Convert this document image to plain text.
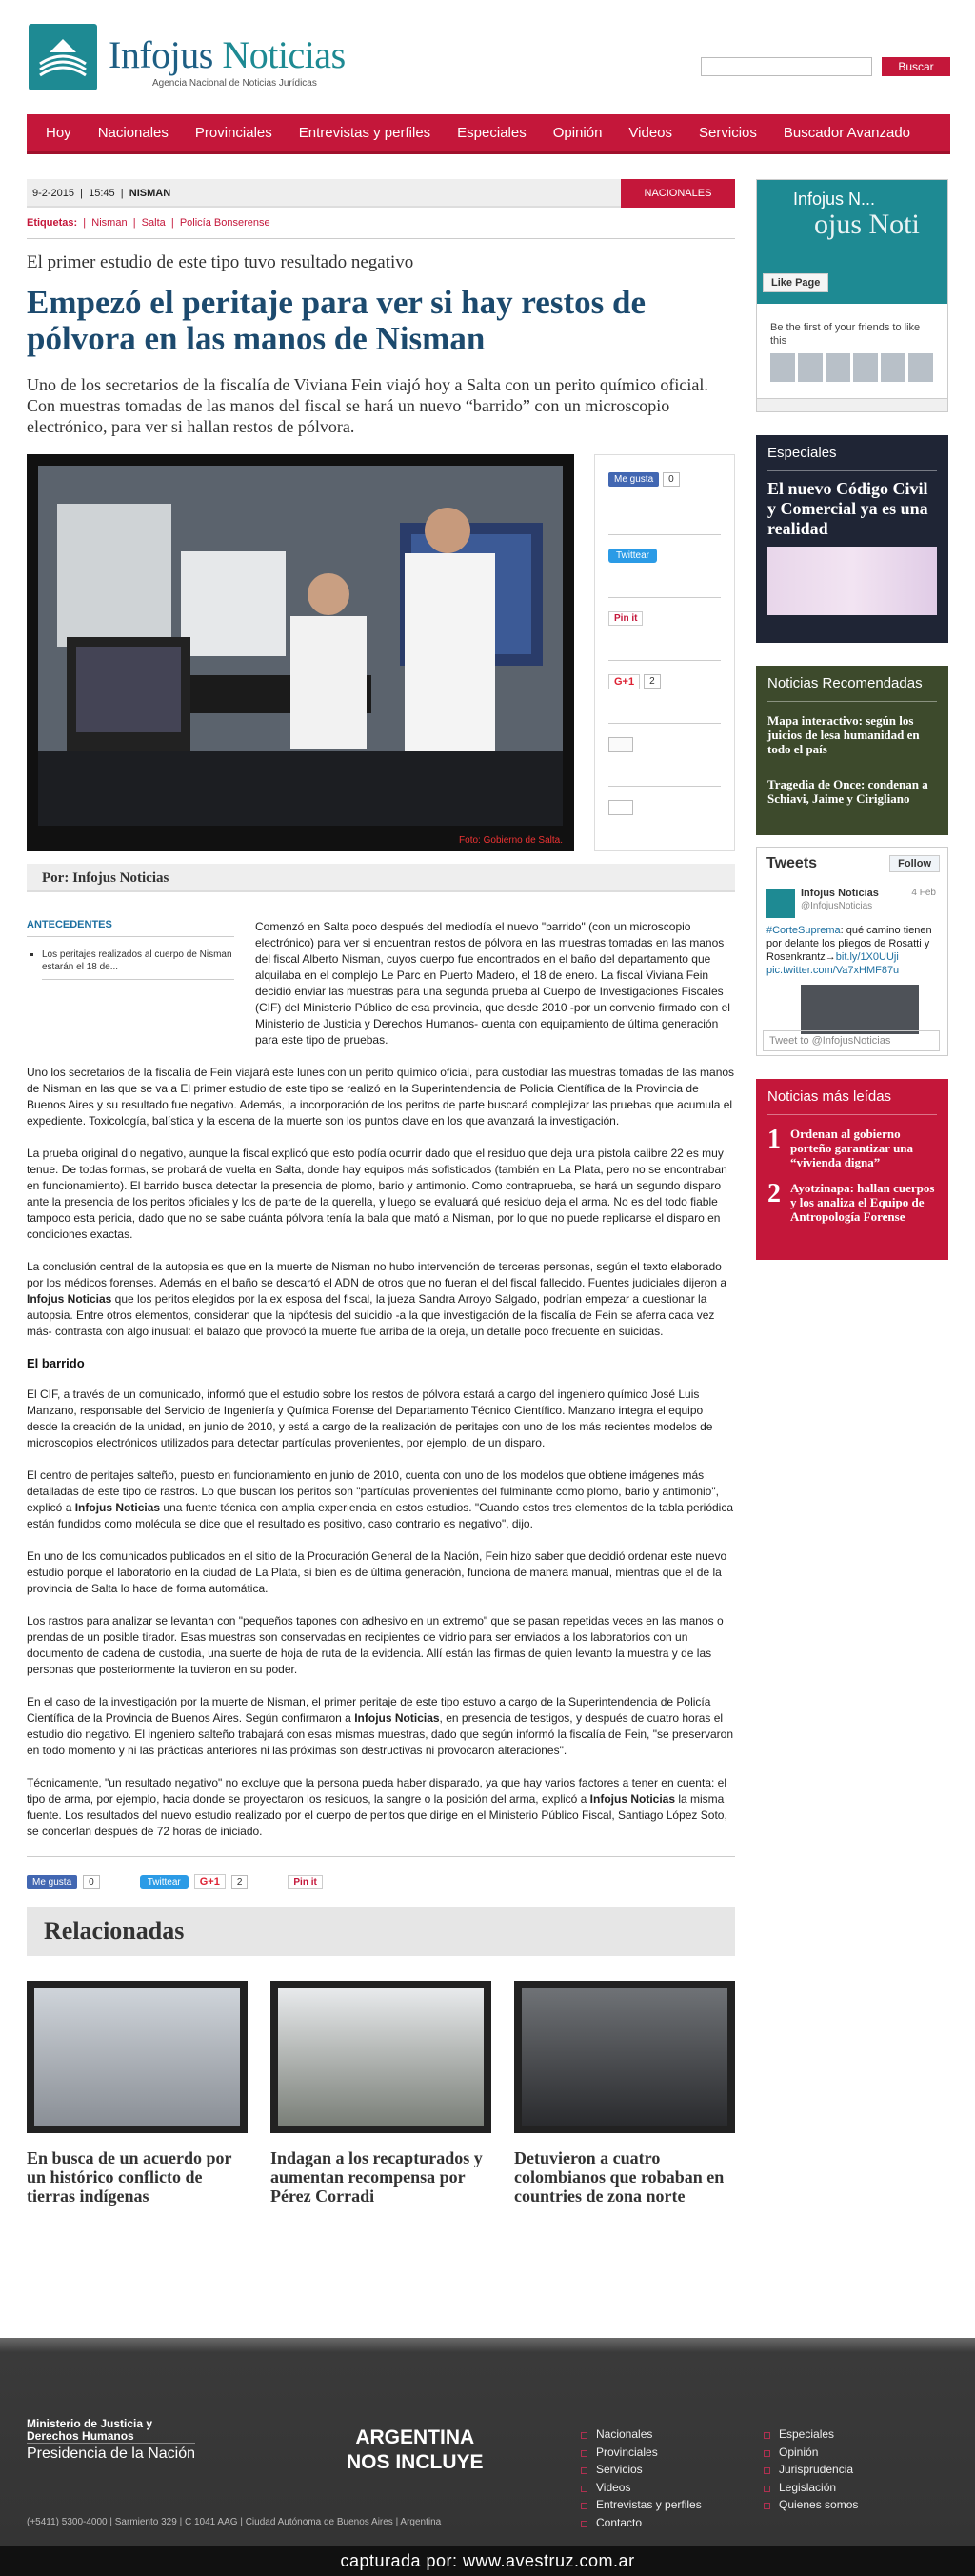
Infojus Noticias
Agencia Nacional de Noticias Jurídicas
Buscar
Hoy	Nacionales	Provinciales	Entrevistas y perfiles	Especiales	Opinión	Videos	Servicios	Buscador Avanzado
9-2-2015  |  15:45  |  NISMAN	NACIONALES
Etiquetas:  |  Nisman  |  Salta  |  Policía Bonserense
El primer estudio de este tipo tuvo resultado negativo
Empezó el peritaje para ver si hay restos de pólvora en las manos de Nisman

Uno de los secretarios de la fiscalía de Viviana Fein viajó hoy a Salta con un perito químico oficial. Con muestras tomadas de las manos del fiscal se hará un nuevo “barrido” con un microscopio electrónico, para ver si hallan restos de pólvora.

Foto: Gobierno de Salta.
Me gusta	0
Twittear
Pin it
G+1	2
Por: Infojus Noticias
ANTECEDENTES
▪ Los peritajes realizados al cuerpo de Nisman estarán el 18 de...

Comenzó en Salta poco después del mediodía el nuevo "barrido" (con un microscopio electrónico) para ver si encuentran restos de pólvora en las muestras tomadas en las manos del fiscal Alberto Nisman, cuyos cuerpo fue encontrados en el baño del departamento que alquilaba en el complejo Le Parc en Puerto Madero, el 18 de enero. La fiscal Viviana Fein decidió enviar las muestras para una segunda prueba al Cuerpo de Investigaciones Fiscales (CIF) del Ministerio Público de esa provincia, que desde 2010 -por un convenio firmado con el Ministerio de Justicia y Derechos Humanos- cuenta con equipamiento de última generación para este tipo de pruebas.

Uno los secretarios de la fiscalía de Fein viajará este lunes con un perito químico oficial, para custodiar las muestras tomadas de las manos de Nisman en las que se va a El primer estudio de este tipo se realizó en la Superintendencia de Policía Científica de la Provincia de Buenos Aires y su resultado fue negativo. Además, la incorporación de los peritos de parte buscará complejizar las pruebas que acumula el expediente. Toxicología, balística y la escena de la muerte son los puntos clave en los que avanzará la investigación.

La prueba original dio negativo, aunque la fiscal explicó que esto podía ocurrir dado que el residuo que deja una pistola calibre 22 es muy tenue. De todas formas, se probará de vuelta en Salta, donde hay equipos más sofisticados (también en La Plata, pero no se encontraban en funcionamiento). El barrido busca detectar la presencia de plomo, bario y antimonio. Como contraprueba, se hará un segundo disparo ante la presencia de los peritos oficiales y los de parte de la querella, y luego se evaluará qué residuo deja el arma. No es del todo fiable tampoco esta pericia, dado que no se sabe cuánta pólvora tenía la bala que mató a Nisman, por lo que no puede replicarse el disparo en condiciones exactas.

La conclusión central de la autopsia es que en la muerte de Nisman no hubo intervención de terceras personas, según el texto elaborado por los médicos forenses. Además en el baño se descartó el ADN de otros que no fueran el del fiscal fallecido. Fuentes judiciales dijeron a Infojus Noticias que los peritos elegidos por la ex esposa del fiscal, la jueza Sandra Arroyo Salgado, podrían empezar a cuestionar la autopsia. Entre otros elementos, consideran que la hipótesis del suicidio -a la que investigación de la fiscalía de Fein se aferra cada vez más- contrasta con algo inusual: el balazo que provocó la muerte fue arriba de la oreja, un detalle poco frecuente en suicidas.

El barrido

El CIF, a través de un comunicado, informó que el estudio sobre los restos de pólvora estará a cargo del ingeniero químico José Luis Manzano, responsable del Servicio de Ingeniería y Química Forense del Departamento Técnico Científico. Manzano integra el equipo desde la creación de la unidad, en junio de 2010, y está a cargo de la realización de peritajes con uno de los más recientes modelos de microscopios electrónicos utilizados para detectar partículas provenientes, por ejemplo, de un disparo.

El centro de peritajes salteño, puesto en funcionamiento en junio de 2010, cuenta con uno de los modelos que obtiene imágenes más detalladas de este tipo de rastros. Lo que buscan los peritos son "partículas provenientes del fulminante como plomo, bario y antimonio", explicó a Infojus Noticias una fuente técnica con amplia experiencia en estos estudios. "Cuando estos tres elementos de la tabla periódica están fundidos como molécula se dice que el resultado es positivo, caso contrario es negativo", dijo.

En uno de los comunicados publicados en el sitio de la Procuración General de la Nación, Fein hizo saber que decidió ordenar este nuevo estudio porque el laboratorio en la ciudad de La Plata, si bien es de última generación, funciona de manera manual, mientras que el de la provincia de Salta lo hace de forma automática.

Los rastros para analizar se levantan con "pequeños tapones con adhesivo en un extremo" que se pasan repetidas veces en las manos o prendas de un posible tirador. Esas muestras son conservadas en recipientes de vidrio para ser enviados a los laboratorios con un documento de cadena de custodia, una suerte de hoja de ruta de la evidencia. Allí están las firmas de quien levanto la muestra y de las personas que posteriormente la tuvieron en su poder.

En el caso de la investigación por la muerte de Nisman, el primer peritaje de este tipo estuvo a cargo de la Superintendencia de Policía Científica de la Provincia de Buenos Aires. Según confirmaron a Infojus Noticias, en presencia de testigos, y después de cuatro horas el estudio dio negativo. El ingeniero salteño trabajará con esas mismas muestras, dado que según informó la fiscalía de Fein, "se preservaron en todo momento y ni las prácticas anteriores ni las próximas son destructivas ni provocaron alteraciones".

Técnicamente, "un resultado negativo" no excluye que la persona pueda haber disparado, ya que hay varios factores a tener en cuenta: el tipo de arma, por ejemplo, hacia donde se proyectaron los residuos, la sangre o la posición del arma, explicó a Infojus Noticias la misma fuente. Los resultados del nuevo estudio realizado por el cuerpo de peritos que dirige en el Ministerio Público Fiscal, Santiago López Soto, se concerlan después de 72 horas de iniciado.

Me gusta	0	Twittear	G+1	2	Pin it
Relacionadas
En busca de un acuerdo por un histórico conflicto de tierras indígenas
Indagan a los recapturados y aumentan recompensa por Pérez Corradi
Detuvieron a cuatro colombianos que robaban en countries de zona norte
Infojus N...
ojus Noti
Like Page
Be the first of your friends to like this
Especiales
El nuevo Código Civil y Comercial ya es una realidad
Noticias Recomendadas
Mapa interactivo: según los juicios de lesa humanidad en todo el país
Tragedia de Once: condenan a Schiavi, Jaime y Cirigliano
Tweets	Follow
Infojus Noticias
@InfojusNoticias
4 Feb
#CorteSuprema: qué camino tienen por delante los pliegos de Rosatti y Rosenkrantz→bit.ly/1X0UUji pic.twitter.com/Va7xHMF87u
Tweet to @InfojusNoticias
Noticias más leídas
1 Ordenan al gobierno porteño garantizar una “vivienda digna”
2 Ayotzinapa: hallan cuerpos y los analiza el Equipo de Antropología Forense
Ministerio de Justicia y Derechos Humanos
Presidencia de la Nación
ARGENTINA
NOS INCLUYE
(+5411) 5300-4000 | Sarmiento 329 | C 1041 AAG | Ciudad Autónoma de Buenos Aires | Argentina
Nacionales
Provinciales
Servicios
Videos
Entrevistas y perfiles
Contacto
Especiales
Opinión
Jurisprudencia
Legislación
Quienes somos
capturada por: www.avestruz.com.ar
